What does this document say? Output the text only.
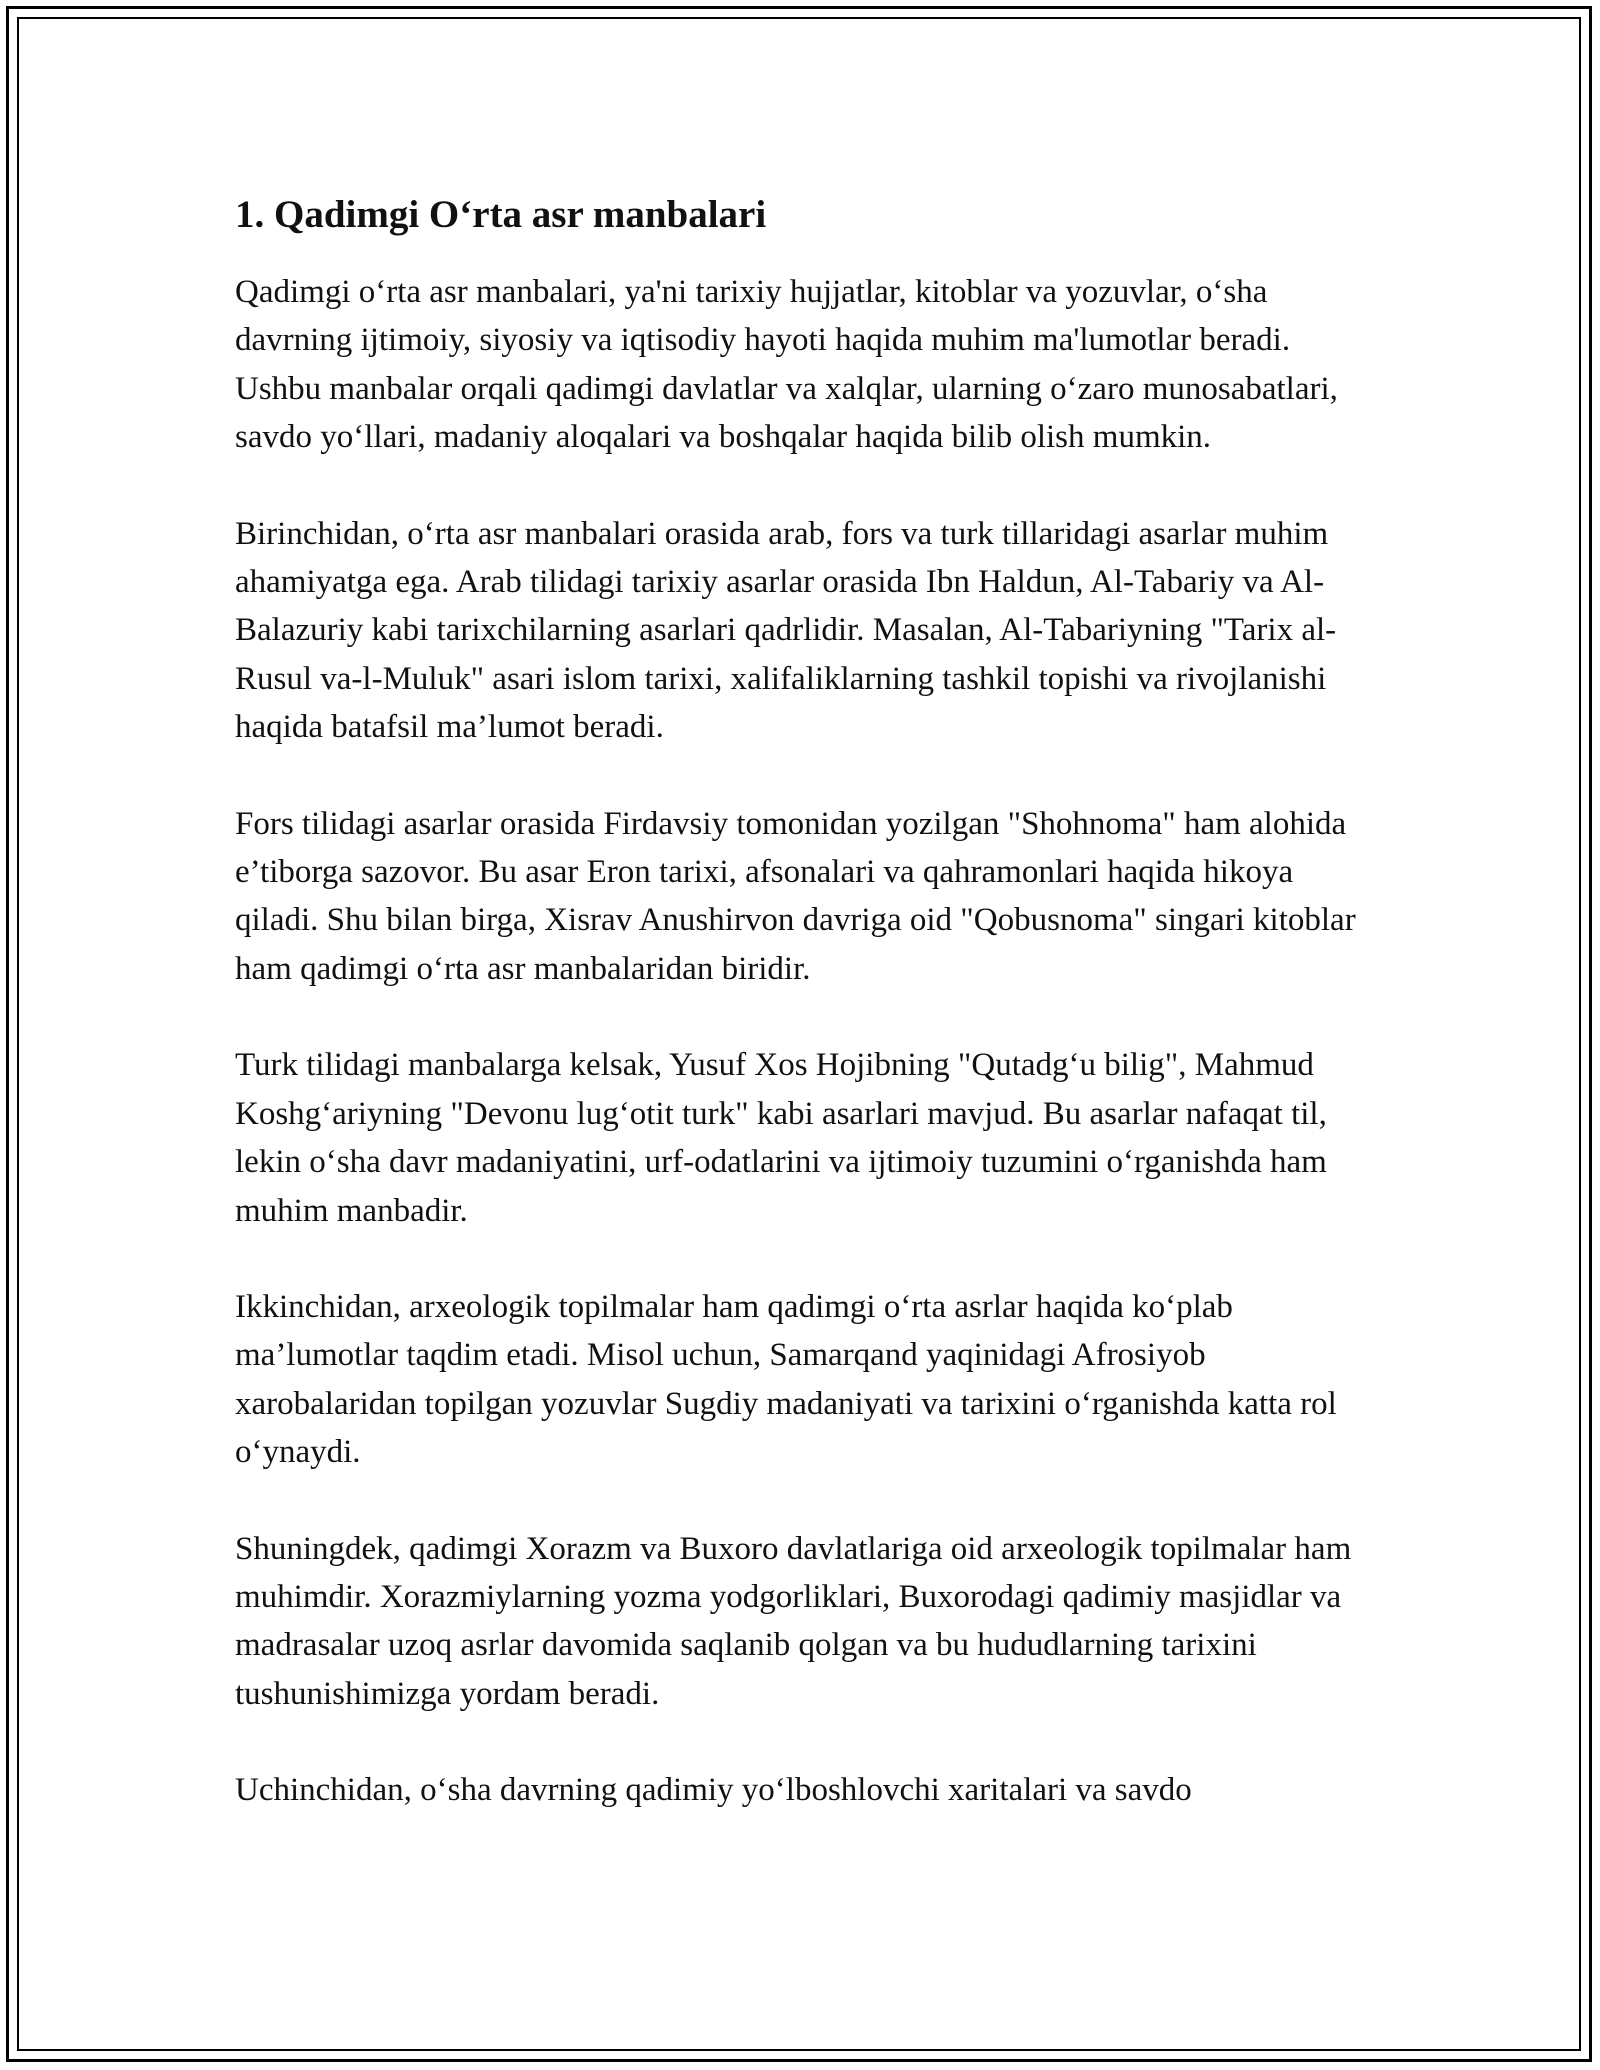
1. Qadimgi O‘rta asr manbalari

Qadimgi o‘rta asr manbalari, ya'ni tarixiy hujjatlar, kitoblar va yozuvlar, o‘sha davrning ijtimoiy, siyosiy va iqtisodiy hayoti haqida muhim ma'lumotlar beradi. Ushbu manbalar orqali qadimgi davlatlar va xalqlar, ularning o‘zaro munosabatlari, savdo yo‘llari, madaniy aloqalari va boshqalar haqida bilib olish mumkin.

Birinchidan, o‘rta asr manbalari orasida arab, fors va turk tillaridagi asarlar muhim ahamiyatga ega. Arab tilidagi tarixiy asarlar orasida Ibn Haldun, Al-Tabariy va Al-Balazuriy kabi tarixchilarning asarlari qadrlidir. Masalan, Al-Tabariyning "Tarix al-Rusul va-l-Muluk" asari islom tarixi, xalifaliklarning tashkil topishi va rivojlanishi haqida batafsil ma’lumot beradi.

Fors tilidagi asarlar orasida Firdavsiy tomonidan yozilgan "Shohnoma" ham alohida e’tiborga sazovor. Bu asar Eron tarixi, afsonalari va qahramonlari haqida hikoya qiladi. Shu bilan birga, Xisrav Anushirvon davriga oid "Qobusnoma" singari kitoblar ham qadimgi o‘rta asr manbalaridan biridir.

Turk tilidagi manbalarga kelsak, Yusuf Xos Hojibning "Qutadg‘u bilig", Mahmud Koshg‘ariyning "Devonu lug‘otit turk" kabi asarlari mavjud. Bu asarlar nafaqat til, lekin o‘sha davr madaniyatini, urf-odatlarini va ijtimoiy tuzumini o‘rganishda ham muhim manbadir.

Ikkinchidan, arxeologik topilmalar ham qadimgi o‘rta asrlar haqida ko‘plab ma’lumotlar taqdim etadi. Misol uchun, Samarqand yaqinidagi Afrosiyob xarobalaridan topilgan yozuvlar Sugdiy madaniyati va tarixini o‘rganishda katta rol o‘ynaydi.

Shuningdek, qadimgi Xorazm va Buxoro davlatlariga oid arxeologik topilmalar ham muhimdir. Xorazmiylarning yozma yodgorliklari, Buxorodagi qadimiy masjidlar va madrasalar uzoq asrlar davomida saqlanib qolgan va bu hududlarning tarixini tushunishimizga yordam beradi.

Uchinchidan, o‘sha davrning qadimiy yo‘lboshlovchi xaritalari va savdo
